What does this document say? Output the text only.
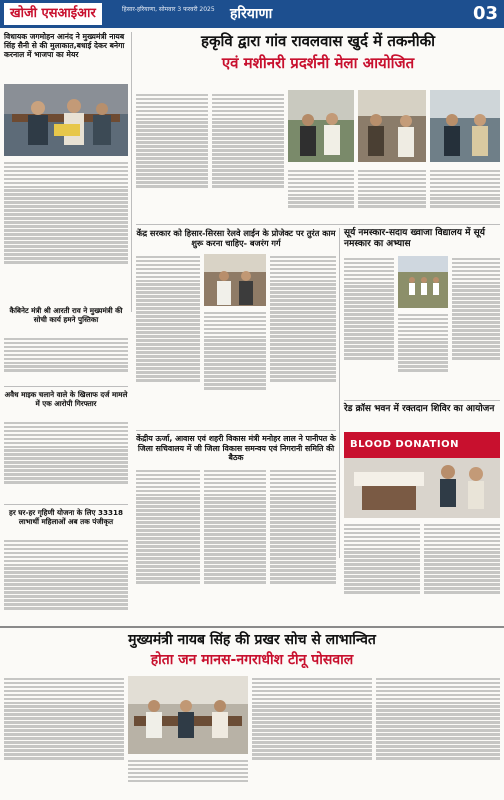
खोजी एसआईआर	हिसार-हरियाणा, सोमवार 3 फरवरी 2025 हरियाणा	03
विधायक जगमोहन आनंद ने मुख्यमंत्री नायब सिंह सैनी से की मुलाकात,बधाई देकर बनेगा करनाल में भाजपा का मेयर
हकृवि द्वारा गांव रावलवास खुर्द में तकनीकी
एवं मशीनरी प्रदर्शनी मेला आयोजित
कैबिनेट मंत्री श्री आरती राव ने मुख्यमंत्री की सोची कार्य हमने पुस्तिका
अवैध माइक चलाने वाले के खिलाफ दर्ज मामले में एक आरोपी गिरफ्तार
हर घर-हर गृहिणी योजना के लिए 33318 लाभार्थी महिलाओं अब तक पंजीकृत
केंद्र सरकार को हिसार-सिरसा रेलवे लाईन के प्रोजेक्ट पर तुरंत काम शुरू करना चाहिए- बजरंग गर्ग
सूर्य नमस्कार-सदाय ख्वाजा विद्यालय में सूर्य नमस्कार का अभ्यास
केंद्रीय ऊर्जा, आवास एवं शहरी विकास मंत्री मनोहर लाल ने पानीपत के जिला सचिवालय में जी जिला विकास समन्वय एवं निगरानी समिति की बैठक
रेड क्रॉस भवन में रक्तदान शिविर का आयोजन
BLOOD DONATION
मुख्यमंत्री नायब सिंह की प्रखर सोच से लाभान्वित
होता जन मानस-नगराधीश टीनू पोसवाल
